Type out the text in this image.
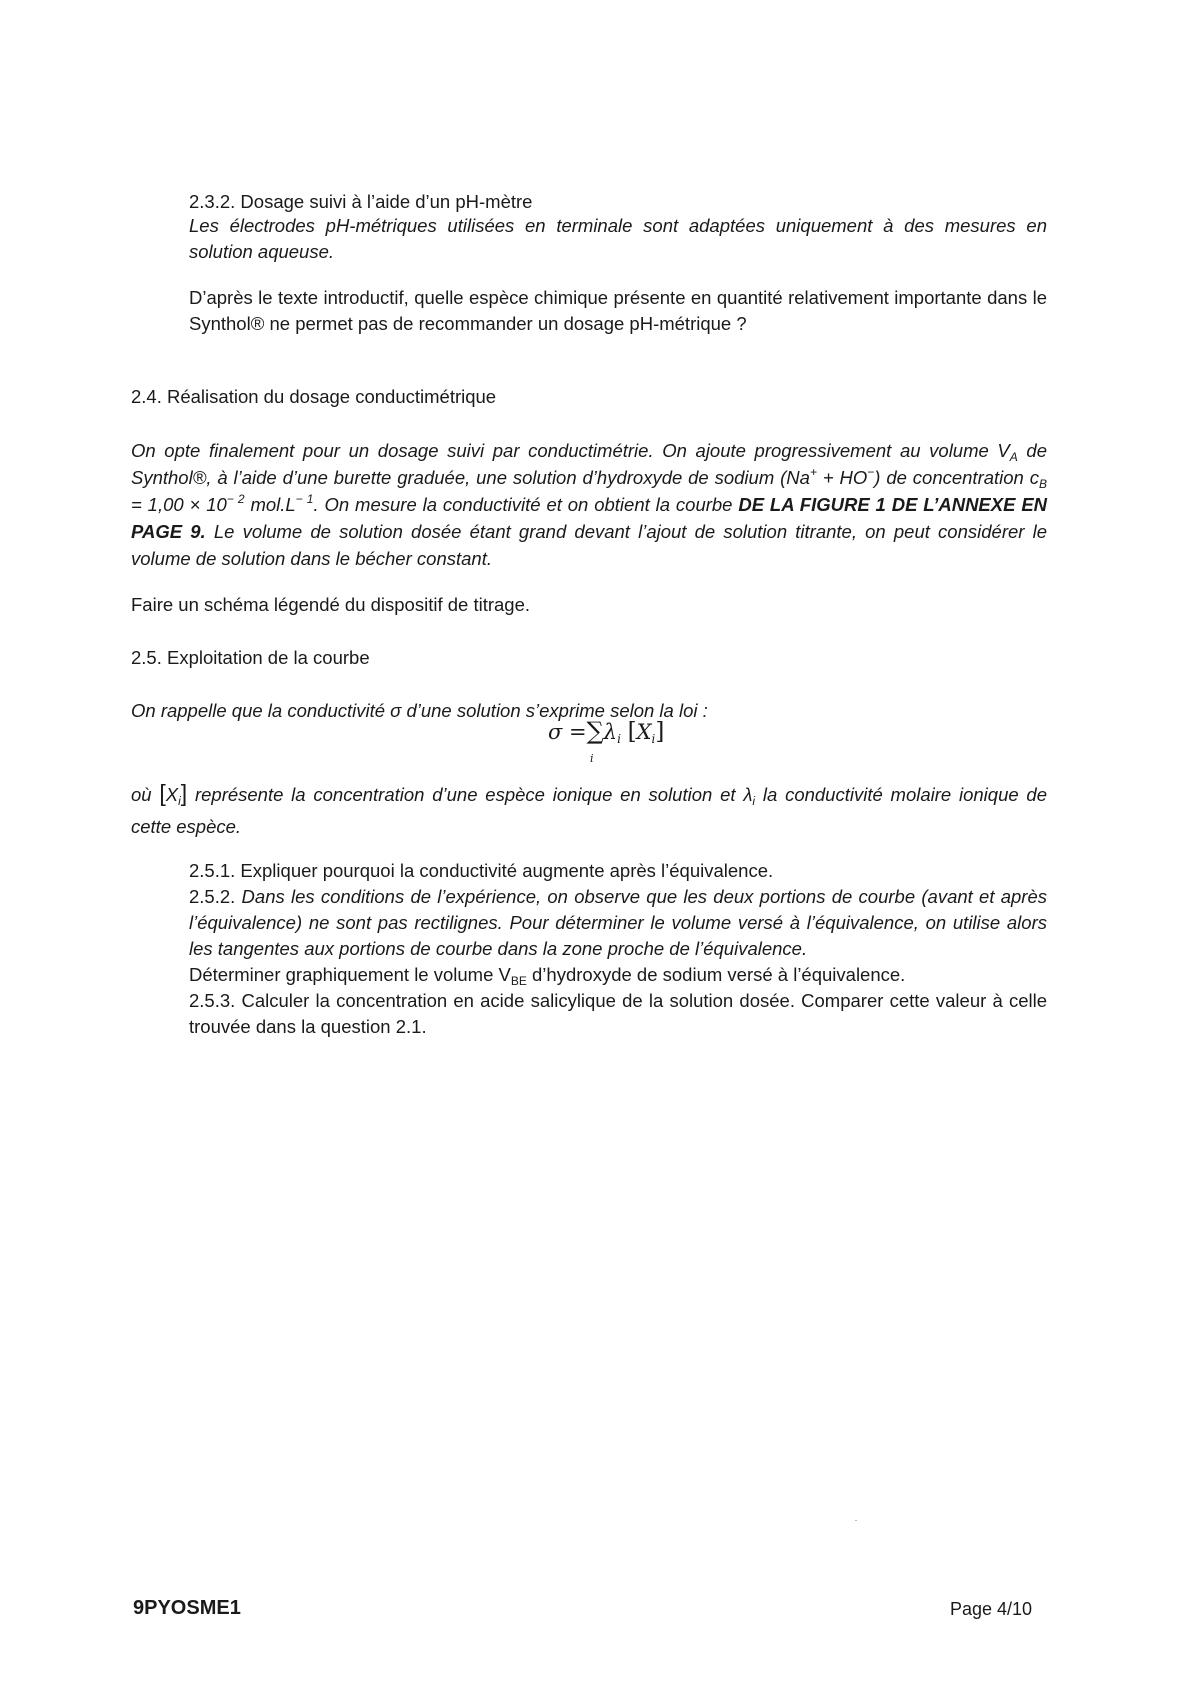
2.3.2. Dosage suivi à l’aide d’un pH-mètre

Les électrodes pH-métriques utilisées en terminale sont adaptées uniquement à des mesures en solution aqueuse.

D’après le texte introductif, quelle espèce chimique présente en quantité relativement importante dans le Synthol® ne permet pas de recommander un dosage pH-métrique ?

2.4. Réalisation du dosage conductimétrique

On opte finalement pour un dosage suivi par conductimétrie. On ajoute progressivement au volume $V_A$ de Synthol®, à l’aide d’une burette graduée, une solution d’hydroxyde de sodium (Na+ + HO−) de concentration $c_B = 1,00 \times 10^{- 2}$ $mol.L^{- 1}$. On mesure la conductivité et on obtient la courbe DE LA FIGURE 1 DE L’ANNEXE EN PAGE 9. Le volume de solution dosée étant grand devant l’ajout de solution titrante, on peut considérer le volume de solution dans le bécher constant.

Faire un schéma légendé du dispositif de titrage.

2.5. Exploitation de la courbe

On rappelle que la conductivité σ d’une solution s’exprime selon la loi :

$\sigma =\sum\lambda_i$ $[X_i]$
i

où $[X_i]$ représente la concentration d’une espèce ionique en solution et $\lambda_i$ la conductivité molaire ionique de cette espèce.

2.5.1. Expliquer pourquoi la conductivité augmente après l’équivalence.

2.5.2. Dans les conditions de l’expérience, on observe que les deux portions de courbe (avant et après l’équivalence) ne sont pas rectilignes. Pour déterminer le volume versé à l’équivalence, on utilise alors les tangentes aux portions de courbe dans la zone proche de l’équivalence.

Déterminer graphiquement le volume $V_{BE}$ d’hydroxyde de sodium versé à l’équivalence.

2.5.3. Calculer la concentration en acide salicylique de la solution dosée. Comparer cette valeur à celle trouvée dans la question 2.1.

9PYOSME1	Page 4/10
